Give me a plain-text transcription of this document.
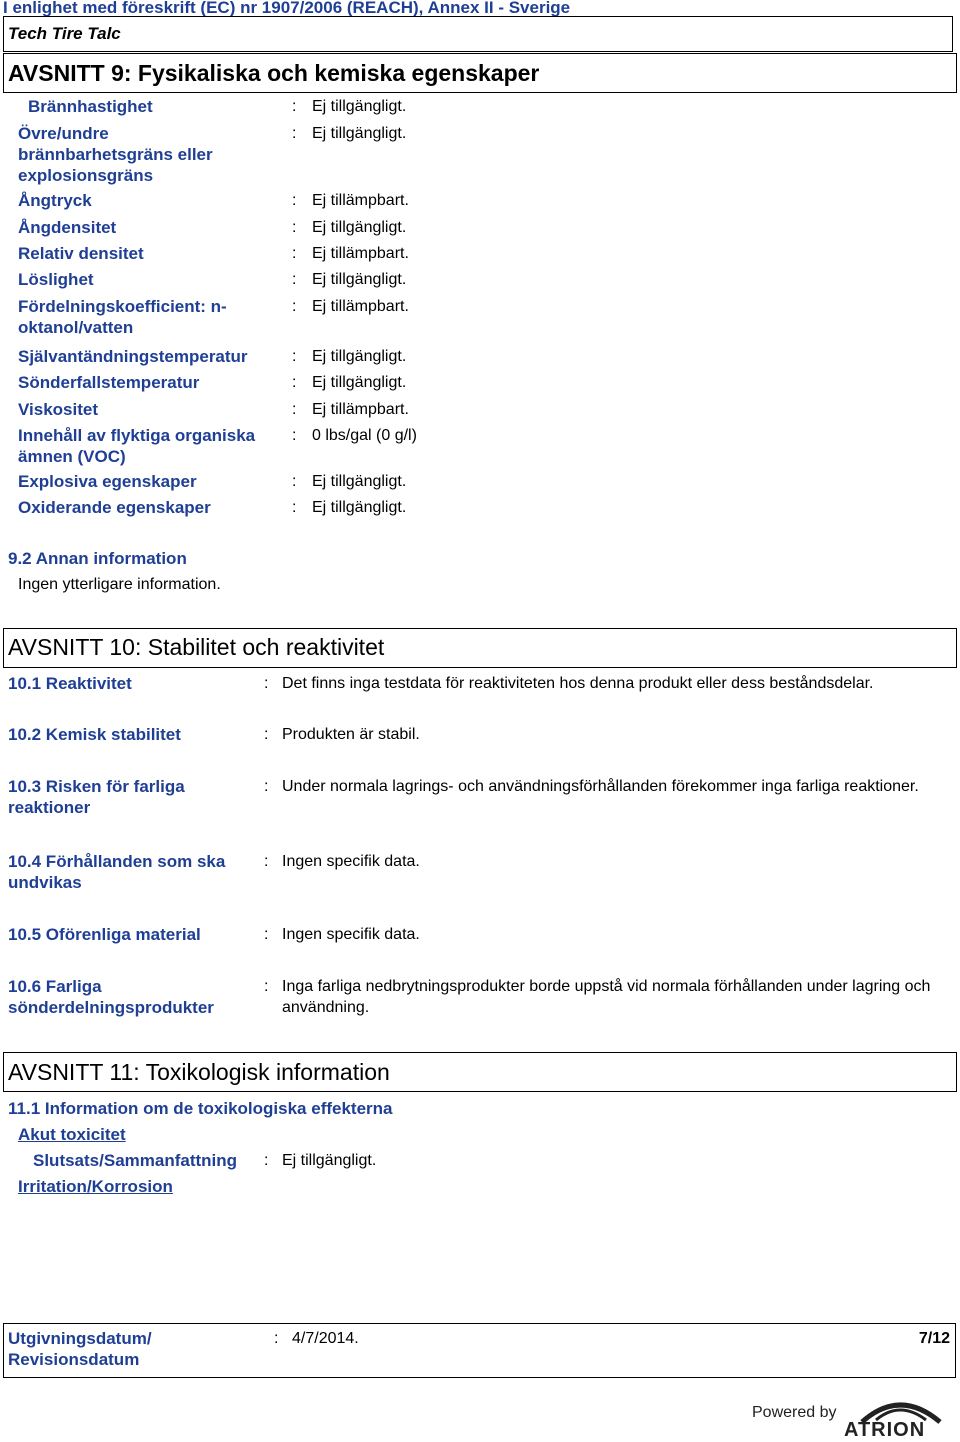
I enlighet med föreskrift (EC) nr 1907/2006 (REACH), Annex II - Sverige
Tech Tire Talc
AVSNITT 9: Fysikaliska och kemiska egenskaper
Brännhastighet	: Ej tillgängligt.
Övre/undre brännbarhetsgräns eller explosionsgräns
: Ej tillgängligt.
Ångtryck	: Ej tillämpbart.
Ångdensitet	: Ej tillgängligt.
Relativ densitet	: Ej tillämpbart.
Löslighet	: Ej tillgängligt.
Fördelningskoefficient: n-oktanol/vatten
: Ej tillämpbart.
Självantändningstemperatur	: Ej tillgängligt.
Sönderfallstemperatur	: Ej tillgängligt.
Viskositet	: Ej tillämpbart.
Innehåll av flyktiga organiska ämnen (VOC)
: 0 lbs/gal (0 g/l)
Explosiva egenskaper	: Ej tillgängligt.
Oxiderande egenskaper	: Ej tillgängligt.
9.2 Annan information
Ingen ytterligare information.
AVSNITT 10: Stabilitet och reaktivitet
10.1 Reaktivitet	: Det finns inga testdata för reaktiviteten hos denna produkt eller dess beståndsdelar.
10.2 Kemisk stabilitet	: Produkten är stabil.
10.3 Risken för farliga reaktioner
: Under normala lagrings- och användningsförhållanden förekommer inga farliga reaktioner.
10.4 Förhållanden som ska undvikas
: Ingen specifik data.
10.5 Oförenliga material	: Ingen specifik data.
10.6 Farliga sönderdelningsprodukter
: Inga farliga nedbrytningsprodukter borde uppstå vid normala förhållanden under lagring och användning.
AVSNITT 11: Toxikologisk information
11.1 Information om de toxikologiska effekterna
Akut toxicitet
Slutsats/Sammanfattning : Ej tillgängligt.
Irritation/Korrosion
Utgivningsdatum/ Revisionsdatum
: 4/7/2014.	7/12
Powered by
ATRION
